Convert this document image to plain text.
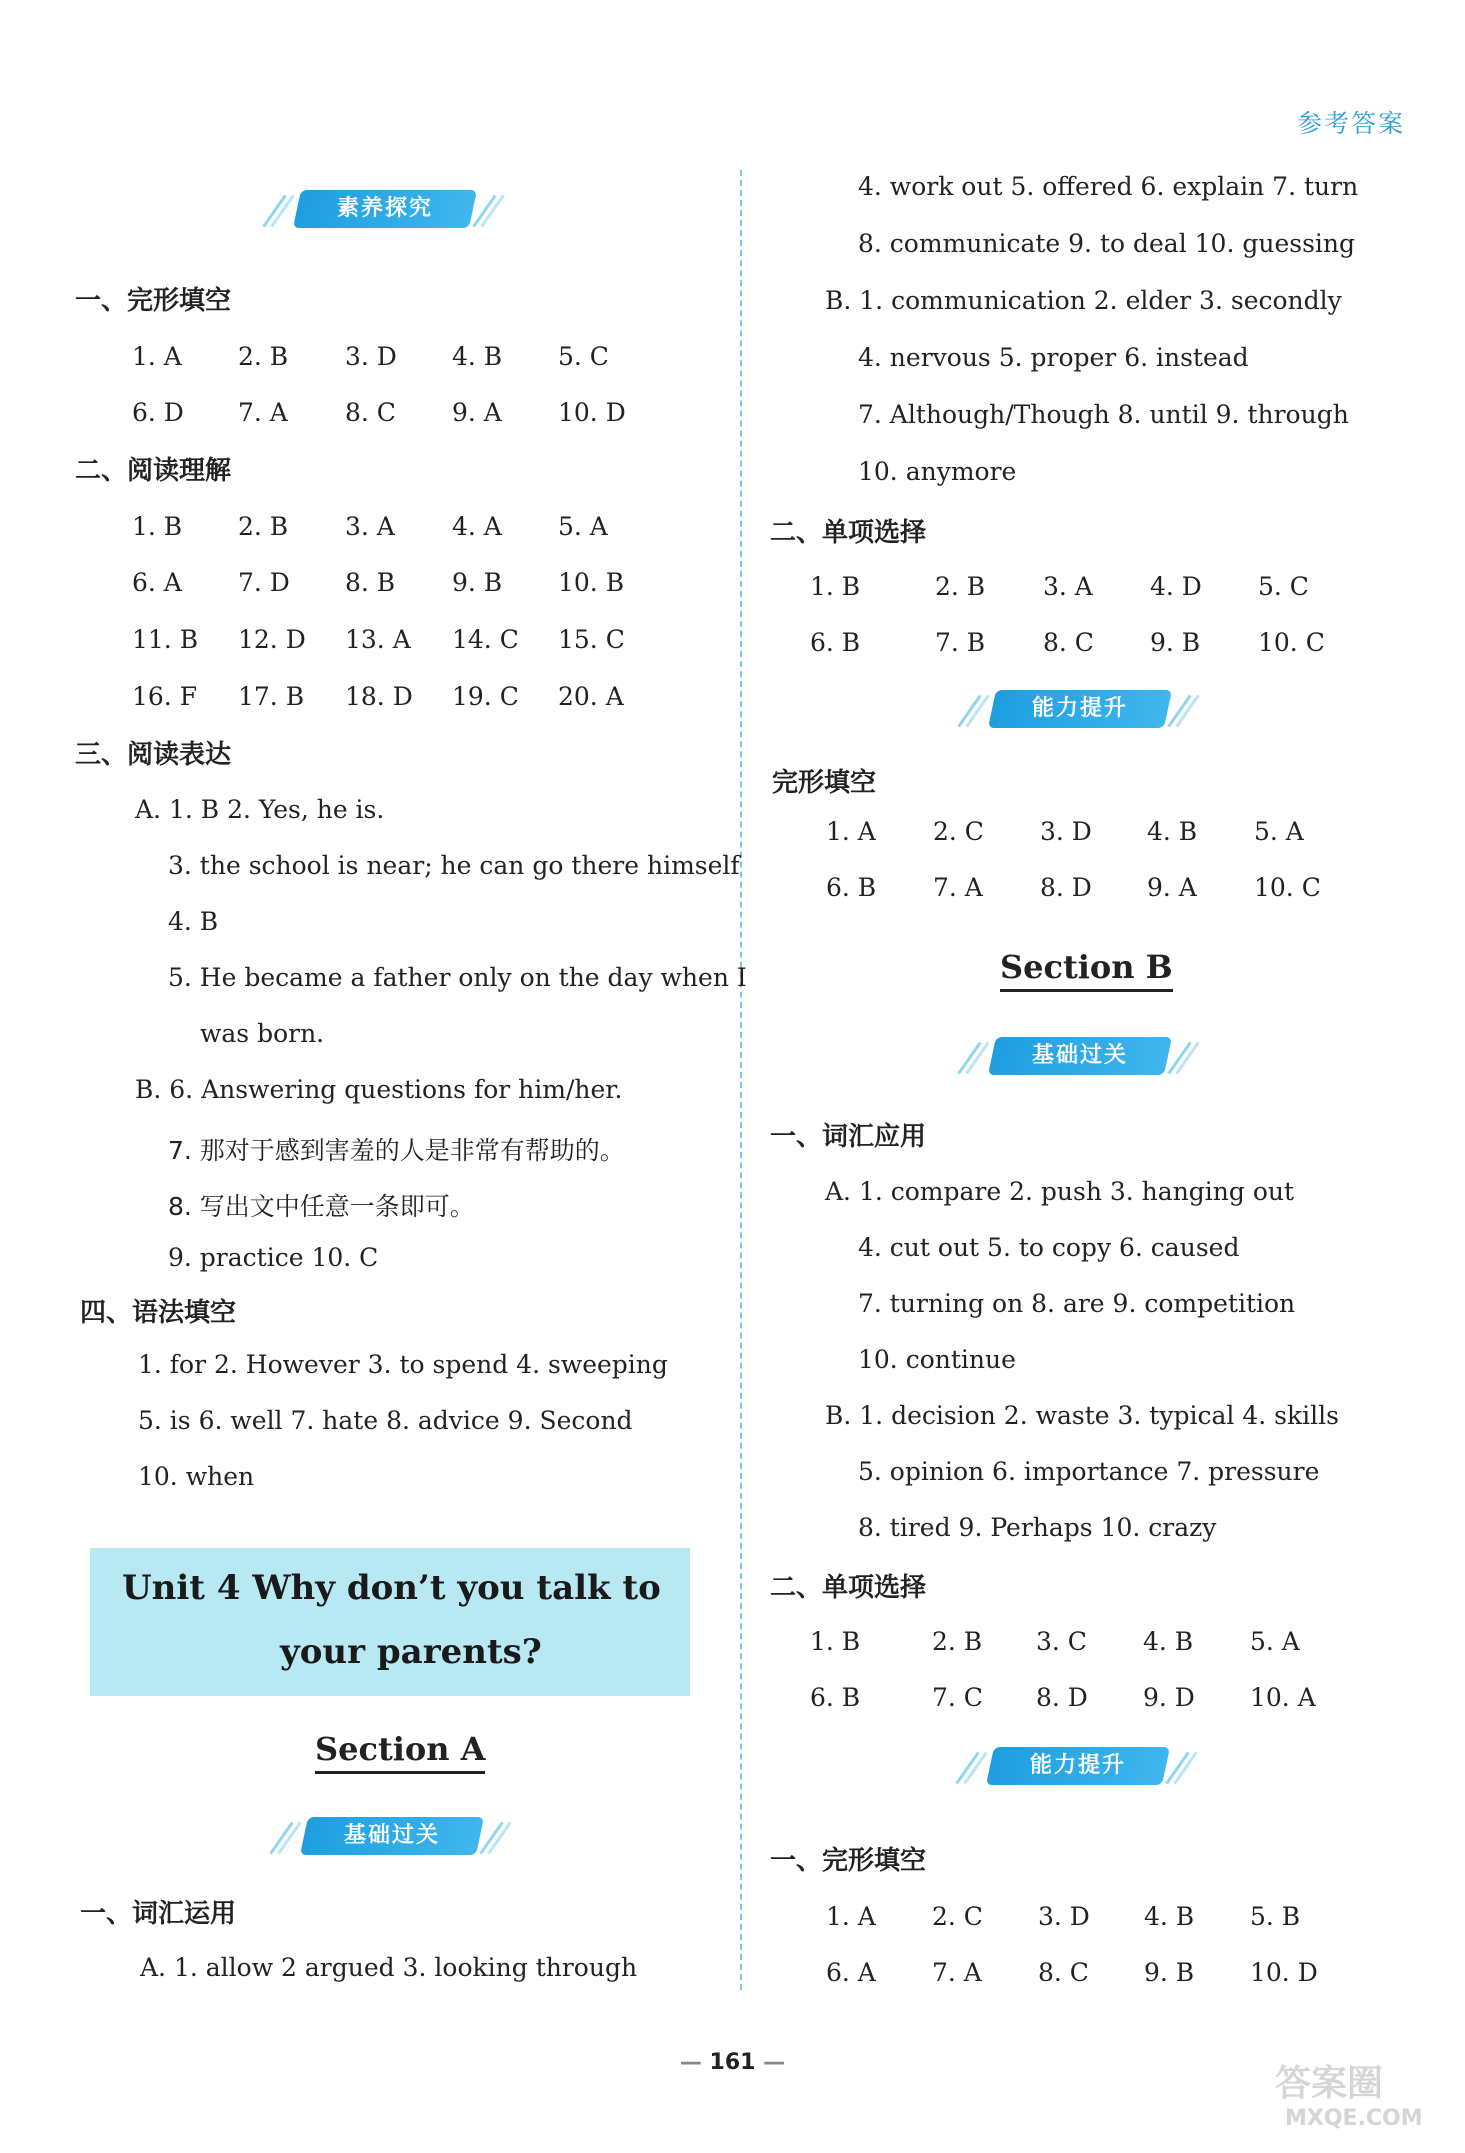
参考答案
素养探究
一、完形填空
1. A 2. B 3. D 4. B 5. C
6. D 7. A 8. C 9. A 10. D
二、阅读理解
1. B 2. B 3. A 4. A 5. A
6. A 7. D 8. B 9. B 10. B
11. B 12. D 13. A 14. C 15. C
16. F 17. B 18. D 19. C 20. A
三、阅读表达
A. 1. B 2. Yes, he is.
3. the school is near; he can go there himself
4. B
5. He became a father only on the day when I
was born.
B. 6. Answering questions for him/her.
7. 那对于感到害羞的人是非常有帮助的。
8. 写出文中任意一条即可。
9. practice 10. C
四、语法填空
1. for 2. However 3. to spend 4. sweeping
5. is 6. well 7. hate 8. advice 9. Second
10. when
Unit 4 Why don’t you talk to
your parents?
Section A
基础过关
一、词汇运用
A. 1. allow 2 argued 3. looking through
4. work out 5. offered 6. explain 7. turn
8. communicate 9. to deal 10. guessing
B. 1. communication 2. elder 3. secondly
4. nervous 5. proper 6. instead
7. Although/Though 8. until 9. through
10. anymore
二、单项选择
1. B	2. B 3. A 4. D 5. C
6. B	7. B 8. C 9. B 10. C
能力提升
完形填空
1. A 2. C 3. D 4. B 5. A
6. B 7. A 8. D 9. A 10. C
Section B
基础过关
一、词汇应用
A. 1. compare 2. push 3. hanging out
4. cut out 5. to copy 6. caused
7. turning on 8. are 9. competition
10. continue
B. 1. decision 2. waste 3. typical 4. skills
5. opinion 6. importance 7. pressure
8. tired 9. Perhaps 10. crazy
二、单项选择
1. B	2. B 3. C 4. B 5. A
6. B	7. C 8. D 9. D 10. A
能力提升
一、完形填空
1. A 2. C 3. D 4. B 5. B
6. A 7. A 8. C 9. B 10. D
— 161 —
答案圈
MXQE.COM
